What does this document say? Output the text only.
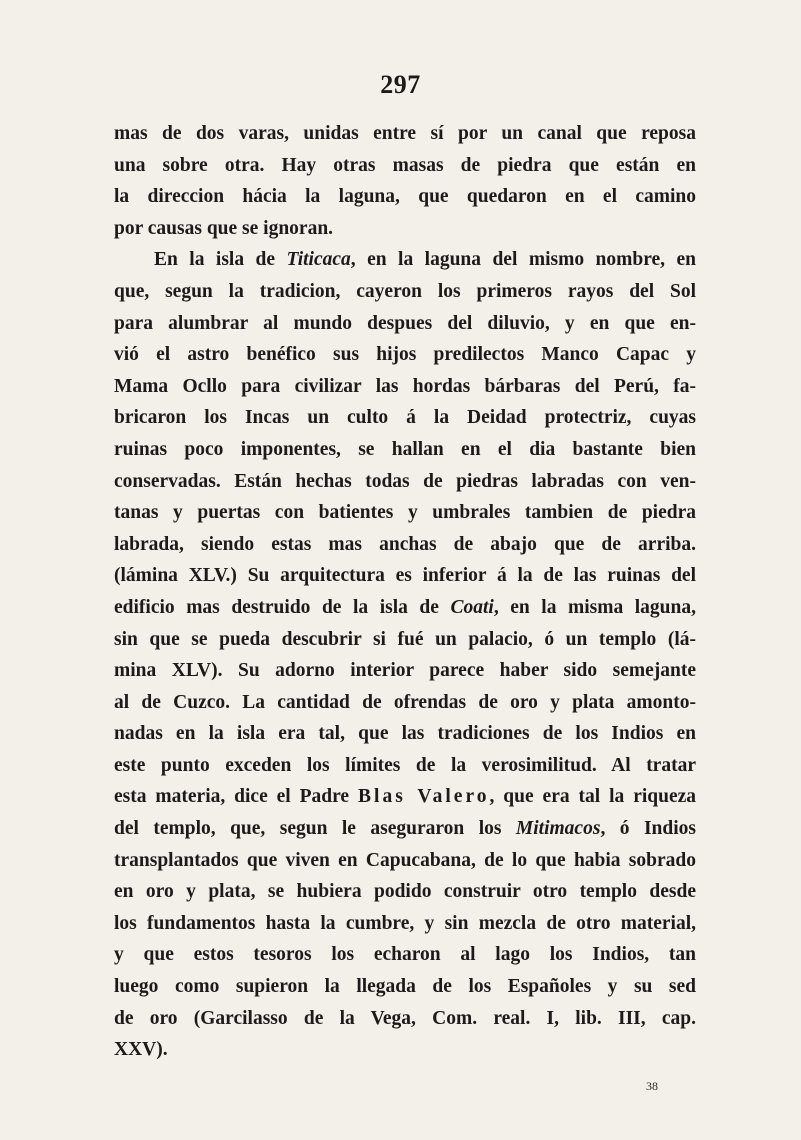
297
mas de dos varas, unidas entre sí por un canal que reposa
una sobre otra. Hay otras masas de piedra que están en
la direccion hácia la laguna, que quedaron en el camino
por causas que se ignoran.
En la isla de Titicaca, en la laguna del mismo nombre, en
que, segun la tradicion, cayeron los primeros rayos del Sol
para alumbrar al mundo despues del diluvio, y en que en-
vió el astro benéfico sus hijos predilectos Manco Capac y
Mama Ocllo para civilizar las hordas bárbaras del Perú, fa-
bricaron los Incas un culto á la Deidad protectriz, cuyas
ruinas poco imponentes, se hallan en el dia bastante bien
conservadas. Están hechas todas de piedras labradas con ven-
tanas y puertas con batientes y umbrales tambien de piedra
labrada, siendo estas mas anchas de abajo que de arriba.
(lámina XLV.) Su arquitectura es inferior á la de las ruinas del
edificio mas destruido de la isla de Coati, en la misma laguna,
sin que se pueda descubrir si fué un palacio, ó un templo (lá-
mina XLV). Su adorno interior parece haber sido semejante
al de Cuzco. La cantidad de ofrendas de oro y plata amonto-
nadas en la isla era tal, que las tradiciones de los Indios en
este punto exceden los límites de la verosimilitud. Al tratar
esta materia, dice el Padre Blas Valero, que era tal la riqueza
del templo, que, segun le aseguraron los Mitimacos, ó Indios
transplantados que viven en Capucabana, de lo que habia sobrado
en oro y plata, se hubiera podido construir otro templo desde
los fundamentos hasta la cumbre, y sin mezcla de otro material,
y que estos tesoros los echaron al lago los Indios, tan
luego como supieron la llegada de los Españoles y su sed
de oro (Garcilasso de la Vega, Com. real. I, lib. III, cap.
XXV).
38
